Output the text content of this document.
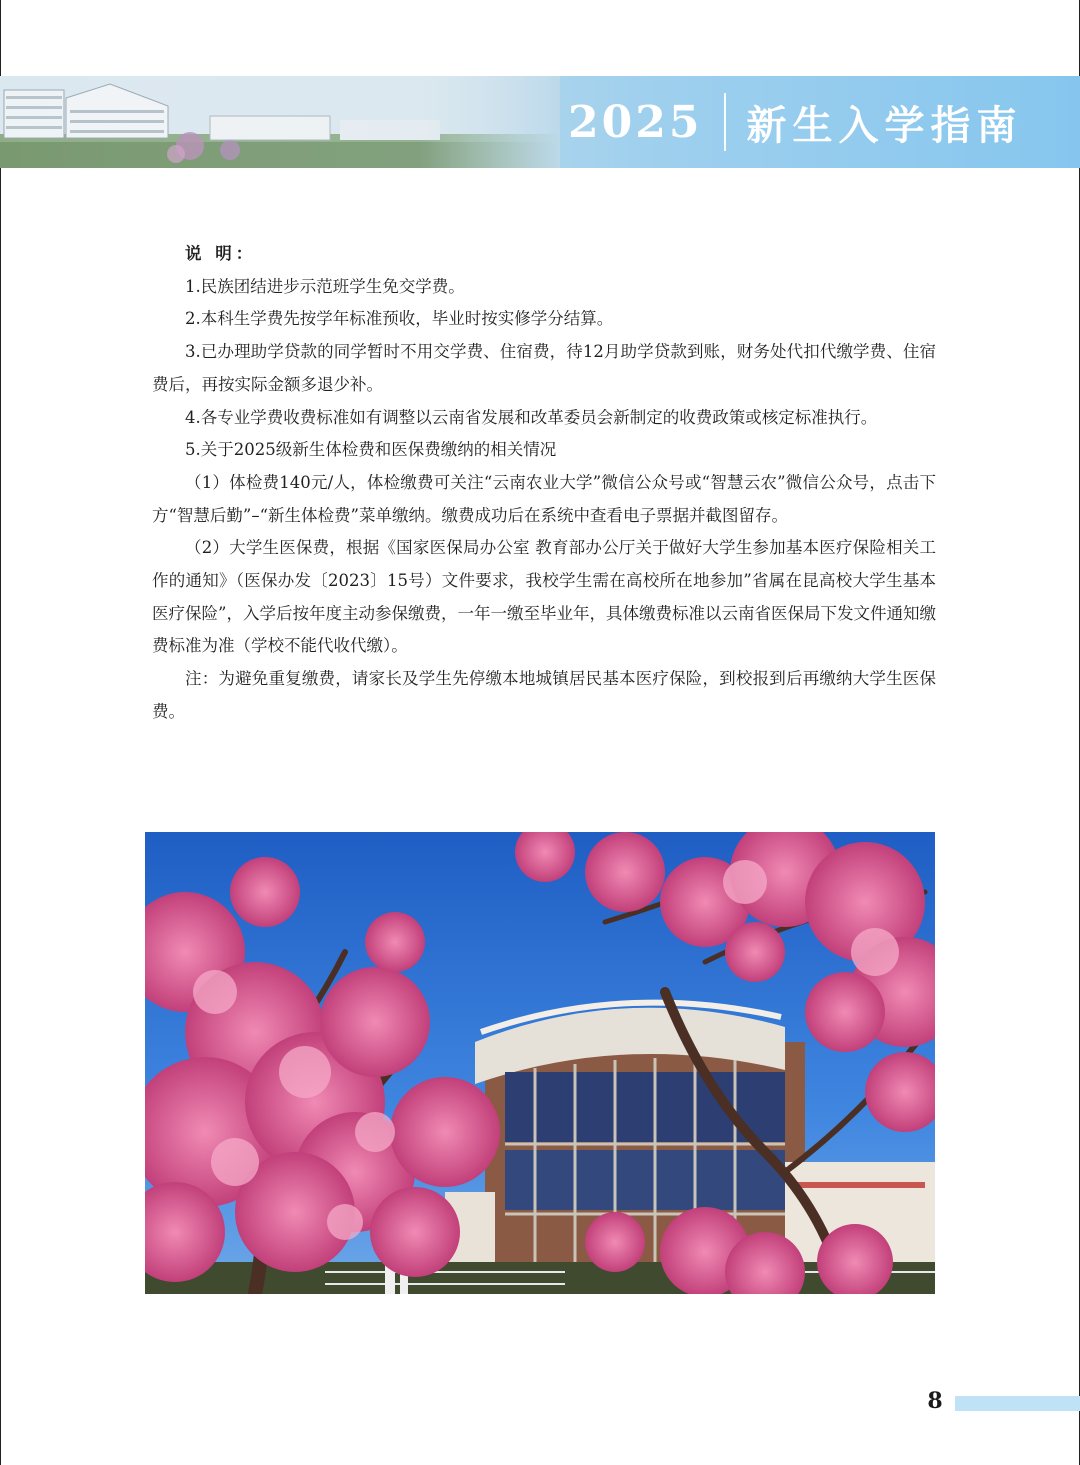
2025 新生入学指南

说 明：

1.民族团结进步示范班学生免交学费。

2.本科生学费先按学年标准预收，毕业时按实修学分结算。

3.已办理助学贷款的同学暂时不用交学费、住宿费，待12月助学贷款到账，财务处代扣代缴学费、住宿费后，再按实际金额多退少补。

4.各专业学费收费标准如有调整以云南省发展和改革委员会新制定的收费政策或核定标准执行。

5.关于2025级新生体检费和医保费缴纳的相关情况

（1）体检费140元/人，体检缴费可关注“云南农业大学”微信公众号或“智慧云农”微信公众号，点击下方“智慧后勤”–“新生体检费”菜单缴纳。缴费成功后在系统中查看电子票据并截图留存。

（2）大学生医保费，根据《国家医保局办公室 教育部办公厅关于做好大学生参加基本医疗保险相关工作的通知》（医保办发〔2023〕15号）文件要求，我校学生需在高校所在地参加”省属在昆高校大学生基本医疗保险”，入学后按年度主动参保缴费，一年一缴至毕业年，具体缴费标准以云南省医保局下发文件通知缴费标准为准（学校不能代收代缴）。

注：为避免重复缴费，请家长及学生先停缴本地城镇居民基本医疗保险，到校报到后再缴纳大学生医保费。

8
